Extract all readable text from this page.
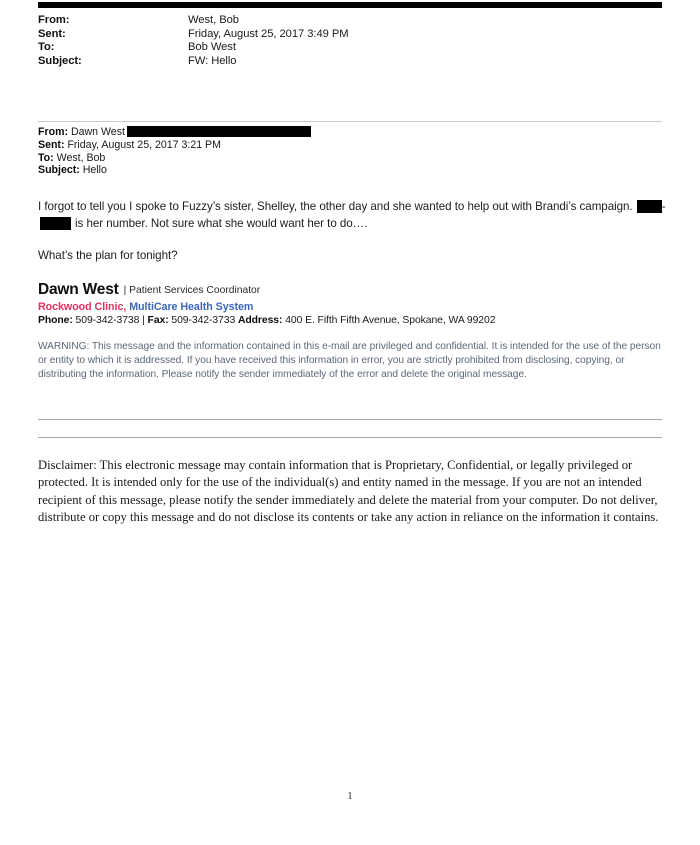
From:	West, Bob
Sent:	Friday, August 25, 2017 3:49 PM
To:	Bob West
Subject:	FW: Hello
From: Dawn West
Sent: Friday, August 25, 2017 3:21 PM
To: West, Bob
Subject: Hello
I forgot to tell you I spoke to Fuzzy’s sister, Shelley, the other day and she wanted to help out with Brandi’s campaign.	-is her number. Not sure what she would want her to do….
What’s the plan for tonight?
Dawn West | Patient Services Coordinator
Rockwood Clinic, MultiCare Health System
Phone: 509-342-3738 | Fax: 509-342-3733 Address: 400 E. Fifth Fifth Avenue, Spokane, WA 99202
WARNING: This message and the information contained in this e-mail are privileged and confidential. It is intended for the use of the person or entity to which it is addressed. If you have received this information in error, you are strictly prohibited from disclosing, copying, or distributing the information. Please notify the sender immediately of the error and delete the original message.
Disclaimer: This electronic message may contain information that is Proprietary, Confidential, or legally privileged or protected. It is intended only for the use of the individual(s) and entity named in the message. If you are not an intended recipient of this message, please notify the sender immediately and delete the material from your computer. Do not deliver, distribute or copy this message and do not disclose its contents or take any action in reliance on the information it contains.
1
